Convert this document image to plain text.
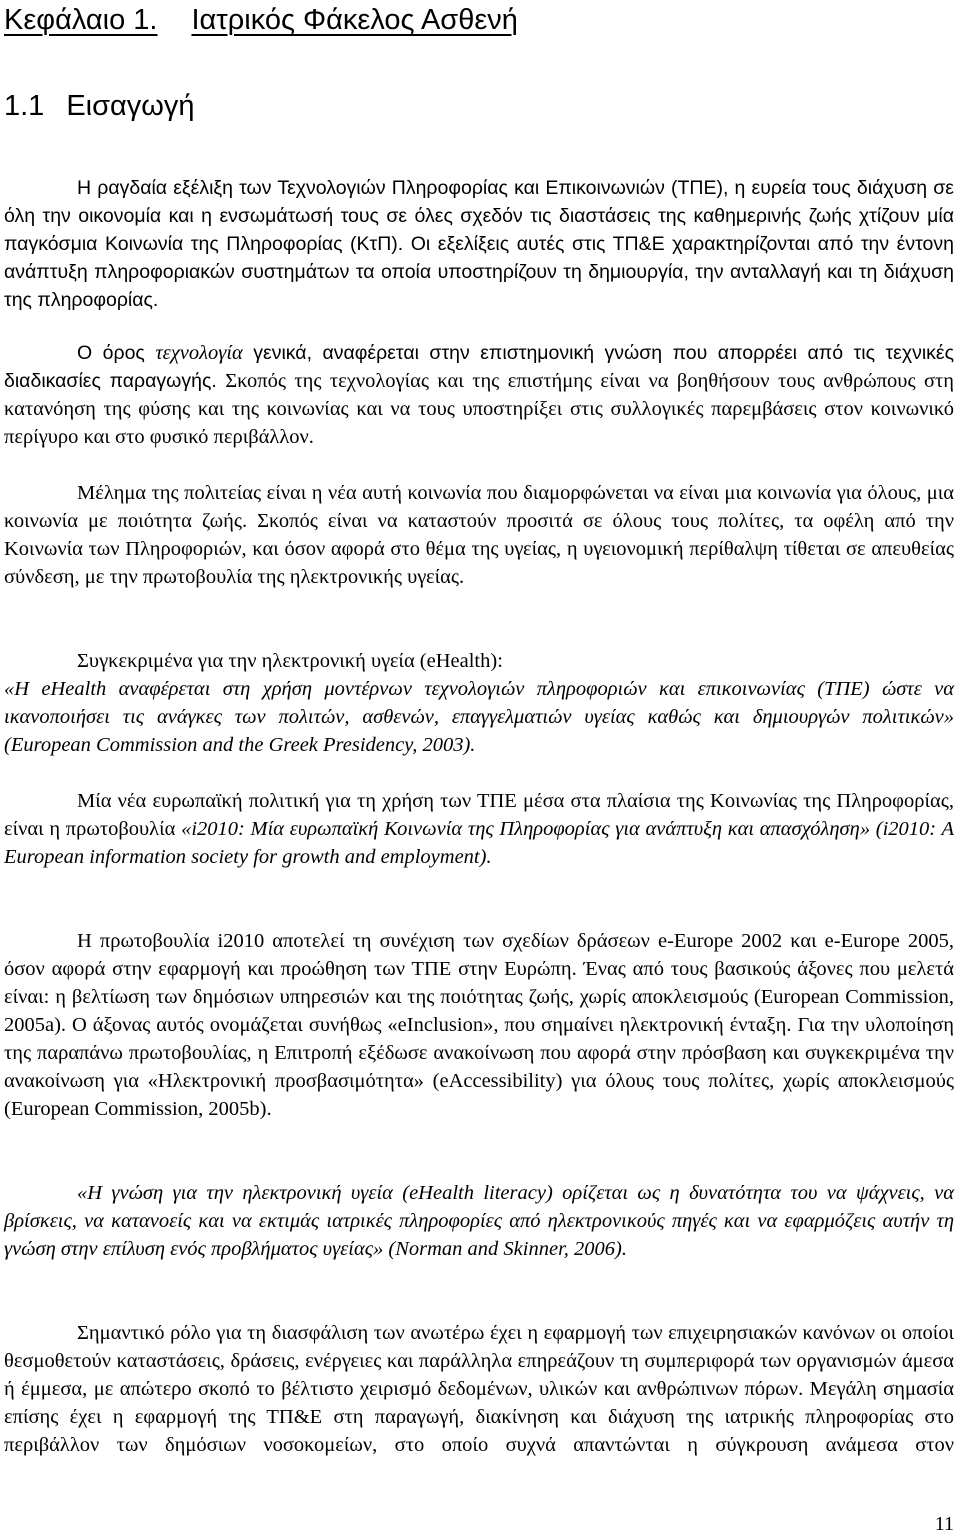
Κεφάλαιο 1. Ιατρικός Φάκελος Ασθενή
1.1 Εισαγωγή

Η ραγδαία εξέλιξη των Τεχνολογιών Πληροφορίας και Επικοινωνιών (ΤΠΕ), η ευρεία τους διάχυση σε όλη την οικονομία και η ενσωμάτωσή τους σε όλες σχεδόν τις διαστάσεις της καθημερινής ζωής χτίζουν μία παγκόσμια Κοινωνία της Πληροφορίας (ΚτΠ). Οι εξελίξεις αυτές στις ΤΠ&Ε χαρακτηρίζονται από την έντονη ανάπτυξη πληροφοριακών συστημάτων τα οποία υποστηρίζουν τη δημιουργία, την ανταλλαγή και τη διάχυση της πληροφορίας.

Ο όρος τεχνολογία γενικά, αναφέρεται στην επιστημονική γνώση που απορρέει από τις τεχνικές διαδικασίες παραγωγής. Σκοπός της τεχνολογίας και της επιστήμης είναι να βοηθήσουν τους ανθρώπους στη κατανόηση της φύσης και της κοινωνίας και να τους υποστηρίξει στις συλλογικές παρεμβάσεις στον κοινωνικό περίγυρο και στο φυσικό περιβάλλον.

Μέλημα της πολιτείας είναι η νέα αυτή κοινωνία που διαμορφώνεται να είναι μια κοινωνία για όλους, μια κοινωνία με ποιότητα ζωής. Σκοπός είναι να καταστούν προσιτά σε όλους τους πολίτες, τα οφέλη από την Κοινωνία των Πληροφοριών, και όσον αφορά στο θέμα της υγείας, η υγειονομική περίθαλψη τίθεται σε απευθείας σύνδεση, με την πρωτοβουλία της ηλεκτρονικής υγείας.

Συγκεκριμένα για την ηλεκτρονική υγεία (eHealth):

«Η eHealth αναφέρεται στη χρήση μοντέρνων τεχνολογιών πληροφοριών και επικοινωνίας (ΤΠΕ) ώστε να ικανοποιήσει τις ανάγκες των πολιτών, ασθενών, επαγγελματιών υγείας καθώς και δημιουργών πολιτικών» (European Commission and the Greek Presidency, 2003).

Μία νέα ευρωπαϊκή πολιτική για τη χρήση των ΤΠΕ μέσα στα πλαίσια της Κοινωνίας της Πληροφορίας, είναι η πρωτοβουλία «i2010: Μία ευρωπαϊκή Κοινωνία της Πληροφορίας για ανάπτυξη και απασχόληση» (i2010: A European information society for growth and employment).

Η πρωτοβουλία i2010 αποτελεί τη συνέχιση των σχεδίων δράσεων e-Europe 2002 και e-Europe 2005, όσον αφορά στην εφαρμογή και προώθηση των ΤΠΕ στην Ευρώπη. Ένας από τους βασικούς άξονες που μελετά είναι: η βελτίωση των δημόσιων υπηρεσιών και της ποιότητας ζωής, χωρίς αποκλεισμούς (European Commission, 2005a). Ο άξονας αυτός ονομάζεται συνήθως «eInclusion», που σημαίνει ηλεκτρονική ένταξη. Για την υλοποίηση της παραπάνω πρωτοβουλίας, η Επιτροπή εξέδωσε ανακοίνωση που αφορά στην πρόσβαση και συγκεκριμένα την ανακοίνωση για «Ηλεκτρονική προσβασιμότητα» (eAccessibility) για όλους τους πολίτες, χωρίς αποκλεισμούς (European Commission, 2005b).

«Η γνώση για την ηλεκτρονική υγεία (eHealth literacy) ορίζεται ως η δυνατότητα του να ψάχνεις, να βρίσκεις, να κατανοείς και να εκτιμάς ιατρικές πληροφορίες από ηλεκτρονικούς πηγές και να εφαρμόζεις αυτήν τη γνώση στην επίλυση ενός προβλήματος υγείας» (Norman and Skinner, 2006).

Σημαντικό ρόλο για τη διασφάλιση των ανωτέρω έχει η εφαρμογή των επιχειρησιακών κανόνων οι οποίοι θεσμοθετούν καταστάσεις, δράσεις, ενέργειες και παράλληλα επηρεάζουν τη συμπεριφορά των οργανισμών άμεσα ή έμμεσα, με απώτερο σκοπό το βέλτιστο χειρισμό δεδομένων, υλικών και ανθρώπινων πόρων. Μεγάλη σημασία επίσης έχει η εφαρμογή της ΤΠ&Ε στη παραγωγή, διακίνηση και διάχυση της ιατρικής πληροφορίας στο περιβάλλον των δημόσιων νοσοκομείων, στο οποίο συχνά απαντώνται η σύγκρουση ανάμεσα στον

11
